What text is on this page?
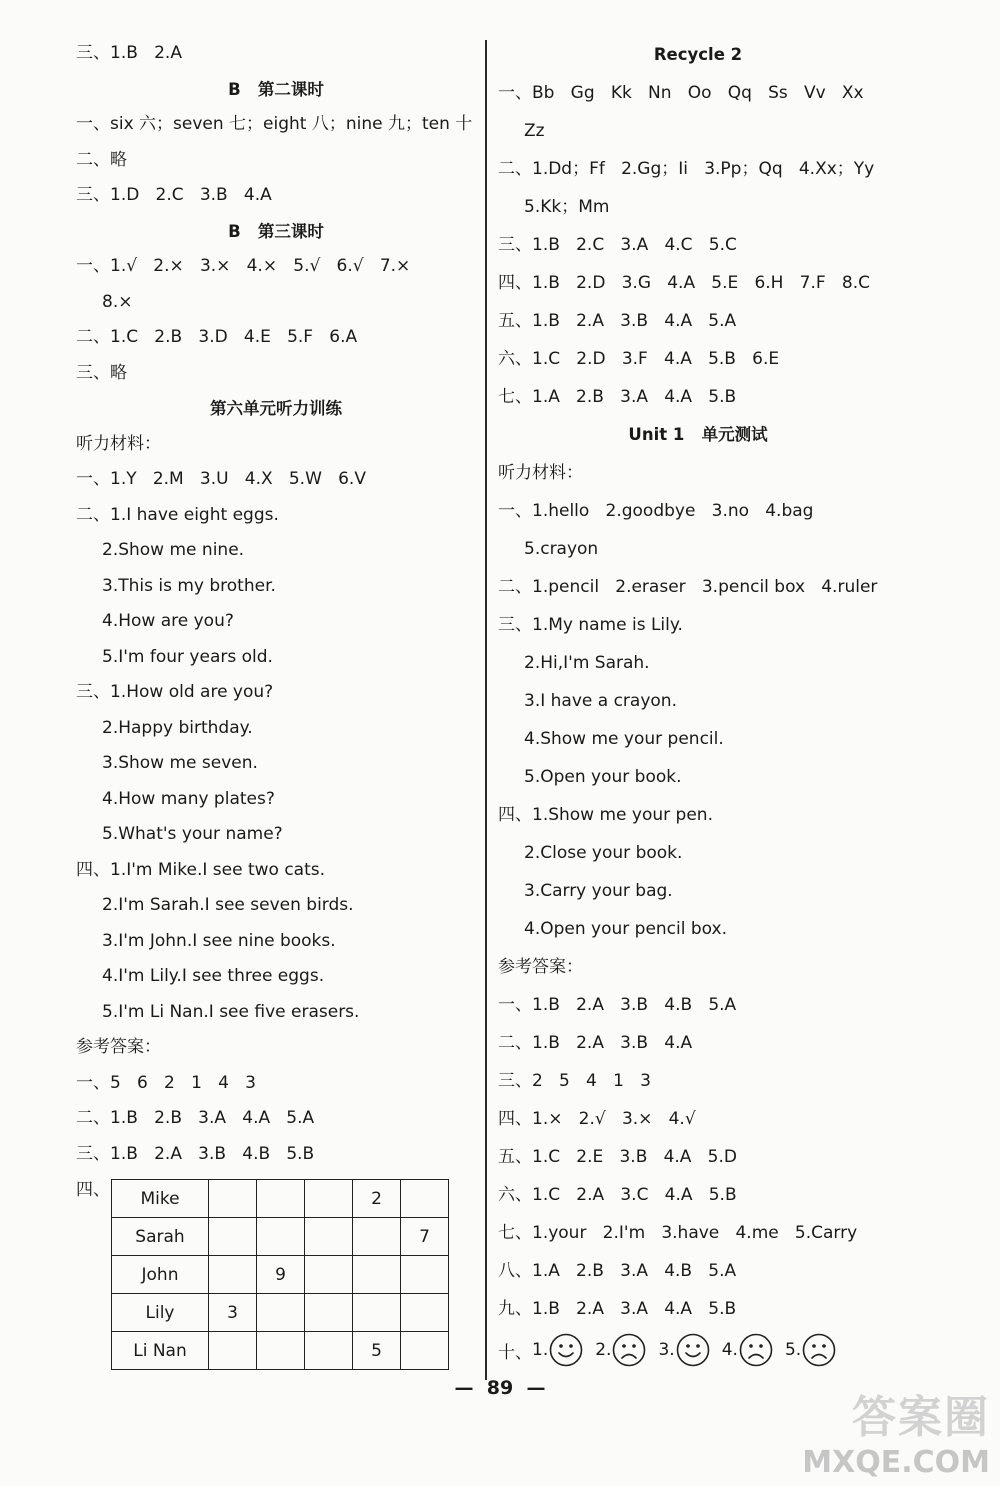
三、1.B   2.A
B   第二课时
一、six 六；seven 七；eight 八；nine 九；ten 十
二、略
三、1.D   2.C   3.B   4.A
B   第三课时
一、1.√   2.×   3.×   4.×   5.√   6.√   7.×
8.×
二、1.C   2.B   3.D   4.E   5.F   6.A
三、略
第六单元听力训练
听力材料：
一、1.Y   2.M   3.U   4.X   5.W   6.V
二、1.I have eight eggs.
2.Show me nine.
3.This is my brother.
4.How are you?
5.I'm four years old.
三、1.How old are you?
2.Happy birthday.
3.Show me seven.
4.How many plates?
5.What's your name?
四、1.I'm Mike.I see two cats.
2.I'm Sarah.I see seven birds.
3.I'm John.I see nine books.
4.I'm Lily.I see three eggs.
5.I'm Li Nan.I see five erasers.
参考答案：
一、5   6   2   1   4   3
二、1.B   2.B   3.A   4.A   5.A
三、1.B   2.A   3.B   4.B   5.B
四、 Mike				2	
Sarah					7
John		9			
Lily	3				
Li Nan				5	
Recycle 2
一、Bb   Gg   Kk   Nn   Oo   Qq   Ss   Vv   Xx
Zz
二、1.Dd；Ff   2.Gg；Ii   3.Pp；Qq   4.Xx；Yy
5.Kk；Mm
三、1.B   2.C   3.A   4.C   5.C
四、1.B   2.D   3.G   4.A   5.E   6.H   7.F   8.C
五、1.B   2.A   3.B   4.A   5.A
六、1.C   2.D   3.F   4.A   5.B   6.E
七、1.A   2.B   3.A   4.A   5.B
Unit 1   单元测试
听力材料：
一、1.hello   2.goodbye   3.no   4.bag
5.crayon
二、1.pencil   2.eraser   3.pencil box   4.ruler
三、1.My name is Lily.
2.Hi,I'm Sarah.
3.I have a crayon.
4.Show me your pencil.
5.Open your book.
四、1.Show me your pen.
2.Close your book.
3.Carry your bag.
4.Open your pencil box.
参考答案：
一、1.B   2.A   3.B   4.B   5.A
二、1.B   2.A   3.B   4.A
三、2   5   4   1   3
四、1.×   2.√   3.×   4.√
五、1.C   2.E   3.B   4.A   5.D
六、1.C   2.A   3.C   4.A   5.B
七、1.your   2.I'm   3.have   4.me   5.Carry
八、1.A   2.B   3.A   4.B   5.A
九、1.B   2.A   3.A   4.A   5.B
十、 1.	2.	3.	4.	5.
—  89  —
答案圈
MXQE.COM
